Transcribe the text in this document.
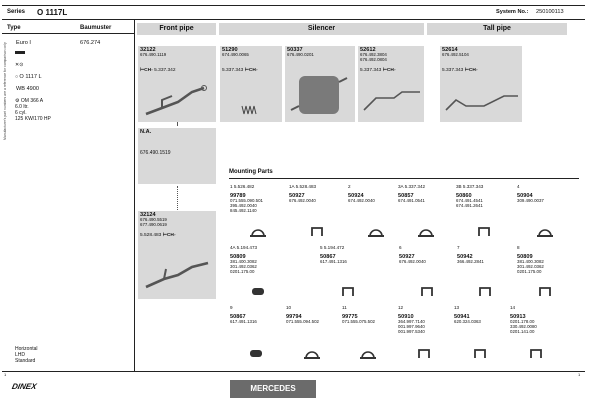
Series O 1117L	System No.: 250100113
Type	Baumuster
Euro I	676.274
✕⊙
○ O 1117 L
WB 4900
⚙ OM 366 A
6.0 ltr.
6 cyl.
125 KW/170 HP
Manufacturer's part numbers are a reference for comparison only
Horizontal
LHD
Standard
Front pipe	Silencer	Tall pipe
32122
676.490.1119
⊢CH▫ 5.337.342
51290
674.490.0065
5.337.343 ⊢CH▫
50337
676.490.0201
52612
676.492.3804
676.492.0804
5.337.343 ⊢CH▫
52614
676.492.5104
5.337.343 ⊢CH▫
N.A.
676.490.1519
32124
676.490.5519
677.490.0619
5.528.483 ⊢CH▫
Mounting Parts
1	1
DINEX	MERCEDES
1 5.526.482
99789
071.555.090.501
395.492.0040
845.492.1140
1A 5.528.483
50927
676.492.0040
2
50924
674.492.0040
3A 5.337.342
50857
674.491.0541
3B 5.337.343
50860
674.491.4541
674.491.2641
4
50904
309.490.0037
4A 5.194.473
50809
381.400.3082
301.492.0362
0201.175.00
5 5.194.472
50867
617.491.1316
6
50927
676.492.0040
7
50942
366.492.2841
8
50809
381.400.3082
301.492.0362
0201.175.00
9
50867
617.491.1316
10
99794
071.555.094.502
11
99775
071.555.075.502
12
50910
364.997.7140
001.997.9640
001.997.5340
13
50941
620.324.0363
14
50913
0201.178.00
330.492.0080
0201.141.00
